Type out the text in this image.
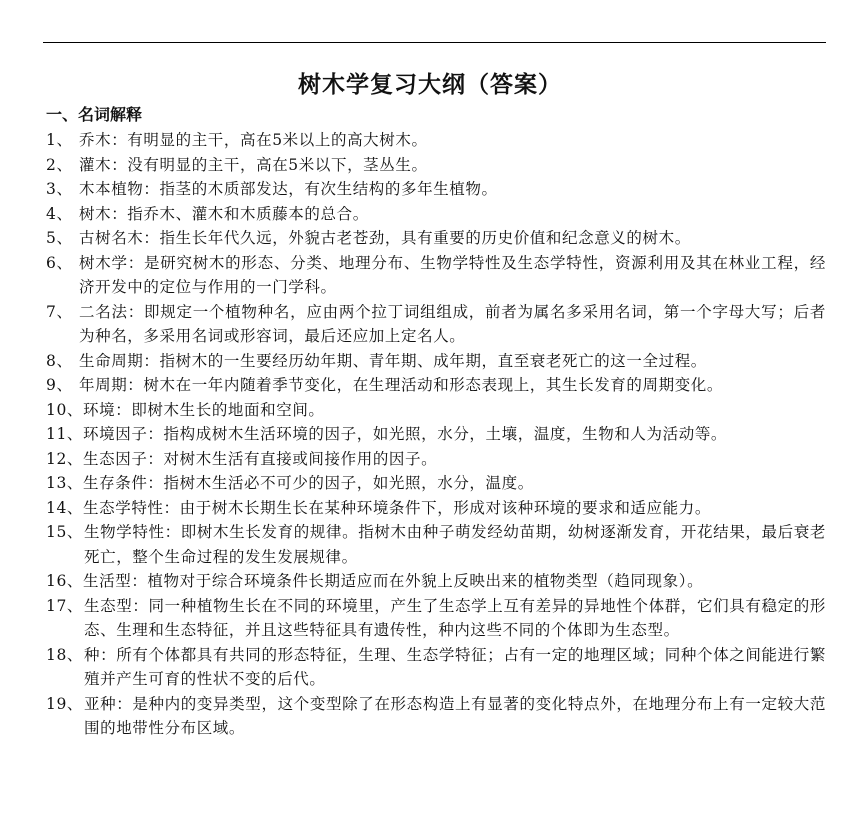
树木学复习大纲（答案）
一、名词解释
1、 乔木：有明显的主干，高在5米以上的高大树木。
2、 灌木：没有明显的主干，高在5米以下，茎丛生。
3、 木本植物：指茎的木质部发达，有次生结构的多年生植物。
4、 树木：指乔木、灌木和木质藤本的总合。
5、 古树名木：指生长年代久远，外貌古老苍劲，具有重要的历史价值和纪念意义的树木。
6、 树木学：是研究树木的形态、分类、地理分布、生物学特性及生态学特性，资源利用及其在林业工程，经济开发中的定位与作用的一门学科。
7、 二名法：即规定一个植物种名，应由两个拉丁词组组成，前者为属名多采用名词，第一个字母大写；后者为种名，多采用名词或形容词，最后还应加上定名人。
8、 生命周期：指树木的一生要经历幼年期、青年期、成年期，直至衰老死亡的这一全过程。
9、 年周期：树木在一年内随着季节变化，在生理活动和形态表现上，其生长发育的周期变化。
10、环境：即树木生长的地面和空间。
11、环境因子：指构成树木生活环境的因子，如光照，水分，土壤，温度，生物和人为活动等。
12、生态因子：对树木生活有直接或间接作用的因子。
13、生存条件：指树木生活必不可少的因子，如光照，水分，温度。
14、生态学特性：由于树木长期生长在某种环境条件下，形成对该种环境的要求和适应能力。
15、 生物学特性：即树木生长发育的规律。指树木由种子萌发经幼苗期，幼树逐渐发育，开花结果，最后衰老死亡，整个生命过程的发生发展规律。
16、生活型：植物对于综合环境条件长期适应而在外貌上反映出来的植物类型（趋同现象）。
17、 生态型：同一种植物生长在不同的环境里，产生了生态学上互有差异的异地性个体群，它们具有稳定的形态、生理和生态特征，并且这些特征具有遗传性，种内这些不同的个体即为生态型。
18、 种：所有个体都具有共同的形态特征，生理、生态学特征；占有一定的地理区域；同种个体之间能进行繁殖并产生可育的性状不变的后代。
19、 亚种：是种内的变异类型，这个变型除了在形态构造上有显著的变化特点外，在地理分布上有一定较大范围的地带性分布区域。
